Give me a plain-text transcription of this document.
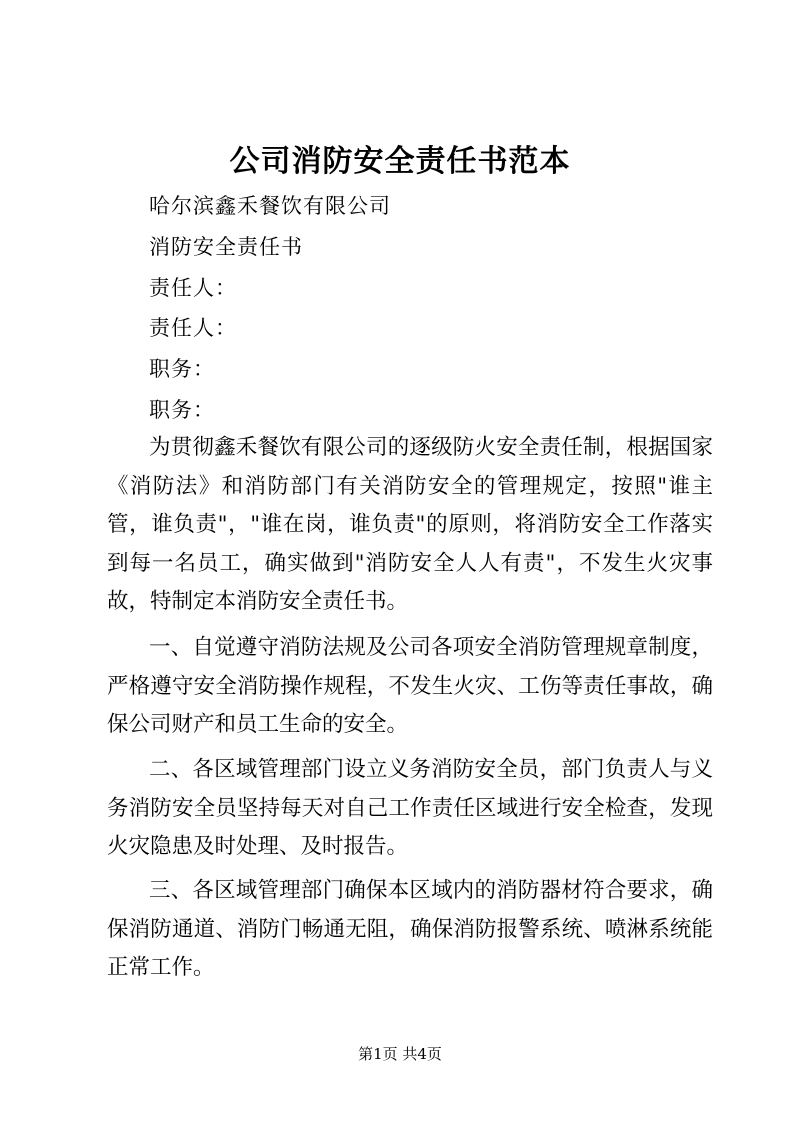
公司消防安全责任书范本
哈尔滨鑫禾餐饮有限公司
消防安全责任书
责任人：
责任人：
职务：
职务：
为贯彻鑫禾餐饮有限公司的逐级防火安全责任制，根据国家《消防法》和消防部门有关消防安全的管理规定，按照"谁主管，谁负责"，"谁在岗，谁负责"的原则，将消防安全工作落实到每一名员工，确实做到"消防安全人人有责"，不发生火灾事故，特制定本消防安全责任书。
一、自觉遵守消防法规及公司各项安全消防管理规章制度，严格遵守安全消防操作规程，不发生火灾、工伤等责任事故，确保公司财产和员工生命的安全。
二、各区域管理部门设立义务消防安全员，部门负责人与义务消防安全员坚持每天对自己工作责任区域进行安全检查，发现火灾隐患及时处理、及时报告。
三、各区域管理部门确保本区域内的消防器材符合要求，确保消防通道、消防门畅通无阻，确保消防报警系统、喷淋系统能正常工作。
第1页 共4页
